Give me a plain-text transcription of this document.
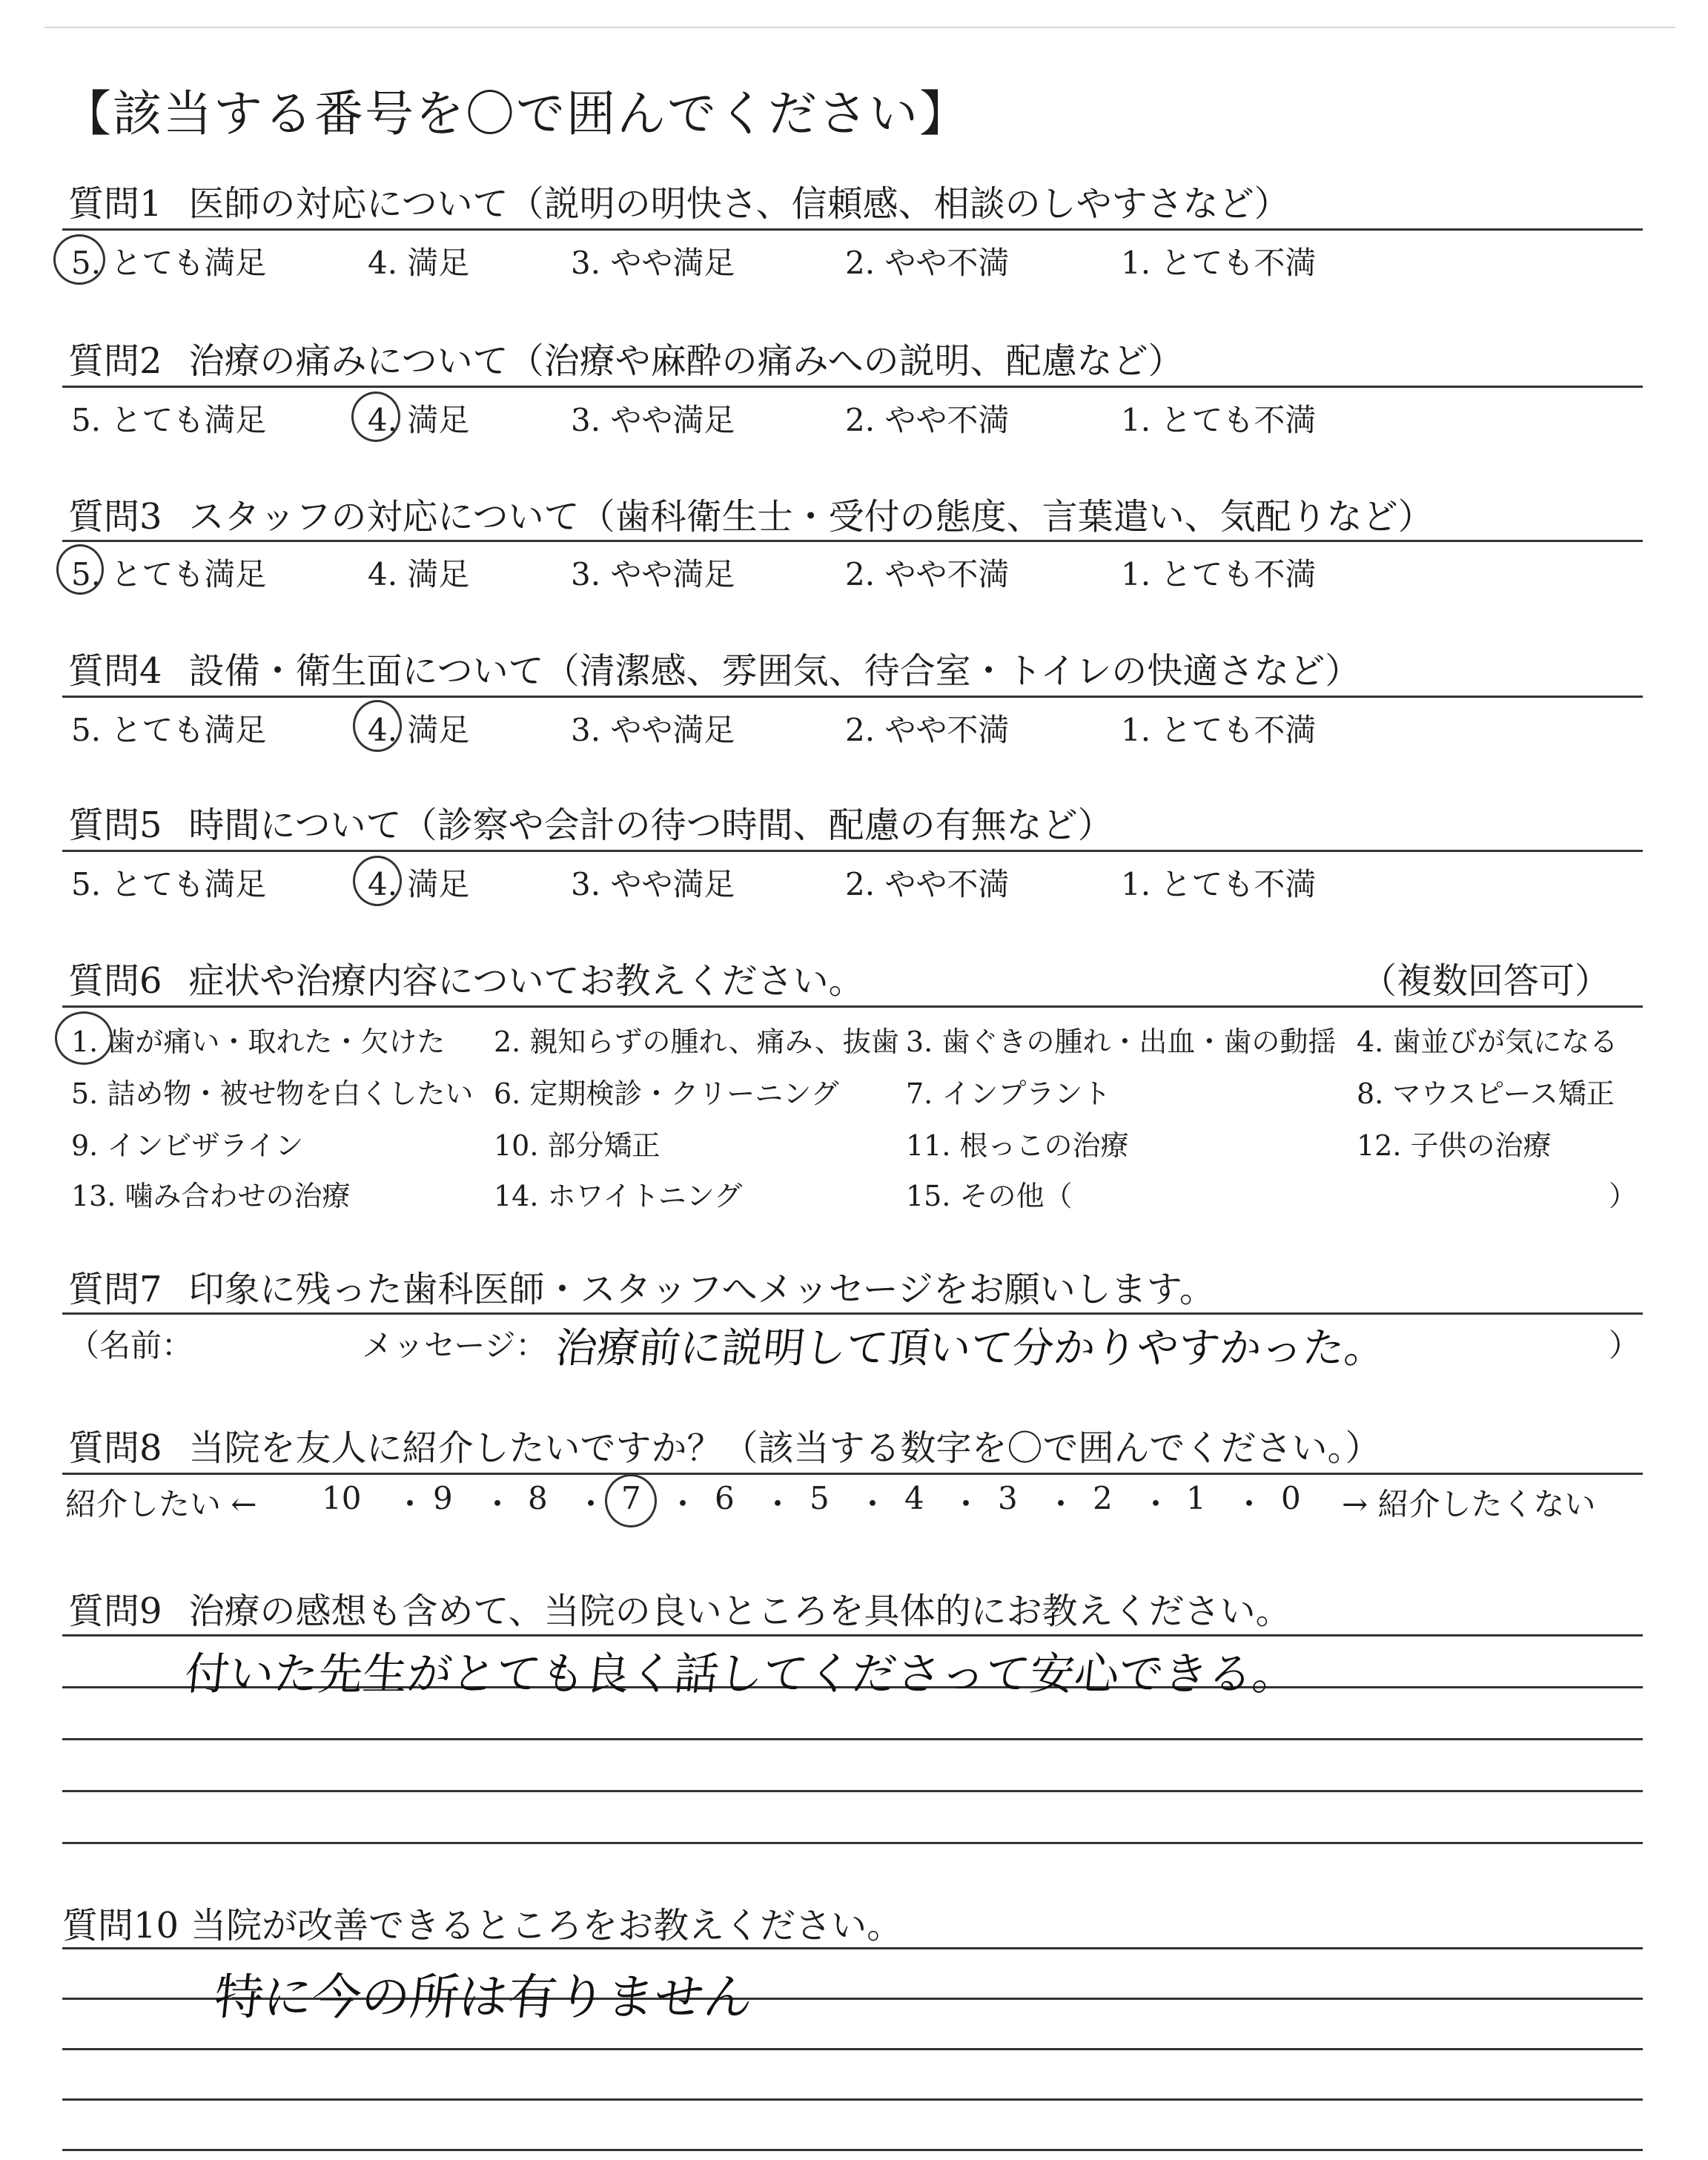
【該当する番号を〇で囲んでください】
質問1 医師の対応について（説明の明快さ、信頼感、相談のしやすさなど）
5. とても満足	4. 満足	3. やや満足	2. やや不満	1. とても不満
質問2 治療の痛みについて（治療や麻酔の痛みへの説明、配慮など）
5. とても満足	4. 満足	3. やや満足	2. やや不満	1. とても不満
質問3 スタッフの対応について（歯科衛生士・受付の態度、言葉遣い、気配りなど）
5. とても満足	4. 満足	3. やや満足	2. やや不満	1. とても不満
質問4 設備・衛生面について（清潔感、雰囲気、待合室・トイレの快適さなど）
5. とても満足	4. 満足	3. やや満足	2. やや不満	1. とても不満
質問5 時間について（診察や会計の待つ時間、配慮の有無など）
5. とても満足	4. 満足	3. やや満足	2. やや不満	1. とても不満
質問6 症状や治療内容についてお教えください。	（複数回答可）
1. 歯が痛い・取れた・欠けた 2. 親知らずの腫れ、痛み、抜歯 3. 歯ぐきの腫れ・出血・歯の動揺 4. 歯並びが気になる
5. 詰め物・被せ物を白くしたい 6. 定期検診・クリーニング 7. インプラント	8. マウスピース矯正
9. インビザライン	10. 部分矯正	11. 根っこの治療	12. 子供の治療
13. 噛み合わせの治療	14. ホワイトニング	15. その他（	）
質問7 印象に残った歯科医師・スタッフへメッセージをお願いします。
（名前：	メッセージ： 治療前に説明して頂いて分かりやすかった。	）
質問8 当院を友人に紹介したいですか？（該当する数字を〇で囲んでください。）
紹介したい ←	→ 紹介したくない
10 ・ 9 ・ 8 ・ 7 ・ 6 ・ 5 ・ 4 ・ 3 ・ 2 ・ 1 ・ 0
質問9 治療の感想も含めて、当院の良いところを具体的にお教えください。
付いた先生がとても良く話してくださって安心できる。
質問10 当院が改善できるところをお教えください。
特に今の所は有りません
